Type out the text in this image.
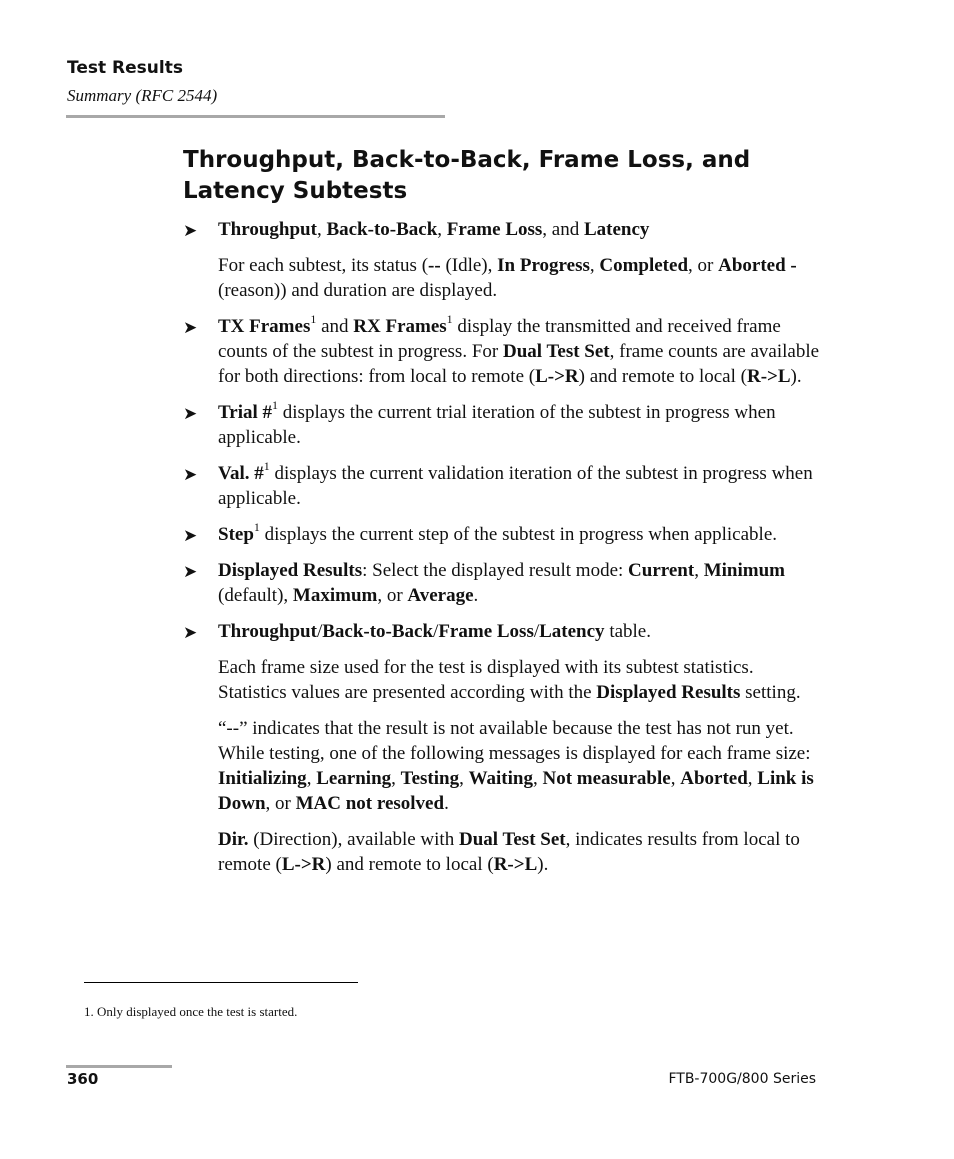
Test Results
Summary (RFC 2544)
Throughput, Back-to-Back, Frame Loss, and Latency Subtests
➤ Throughput, Back-to-Back, Frame Loss, and Latency
For each subtest, its status (-- (Idle), In Progress, Completed, or Aborted - (reason)) and duration are displayed.
➤ TX Frames$^1$ and RX Frames$^1$ display the transmitted and received frame counts of the subtest in progress. For Dual Test Set, frame counts are available for both directions: from local to remote (L->R) and remote to local (R->L).
➤ Trial #$^1$ displays the current trial iteration of the subtest in progress when applicable.
➤ Val. #$^1$ displays the current validation iteration of the subtest in progress when applicable.
➤ Step$^1$ displays the current step of the subtest in progress when applicable.
➤ Displayed Results: Select the displayed result mode: Current, Minimum (default), Maximum, or Average.
➤ Throughput/Back-to-Back/Frame Loss/Latency table.
Each frame size used for the test is displayed with its subtest statistics. Statistics values are presented according with the Displayed Results setting.
“--” indicates that the result is not available because the test has not run yet. While testing, one of the following messages is displayed for each frame size: Initializing, Learning, Testing, Waiting, Not measurable, Aborted, Link is Down, or MAC not resolved.
Dir. (Direction), available with Dual Test Set, indicates results from local to remote (L->R) and remote to local (R->L).
1. Only displayed once the test is started.
360	FTB-700G/800 Series
